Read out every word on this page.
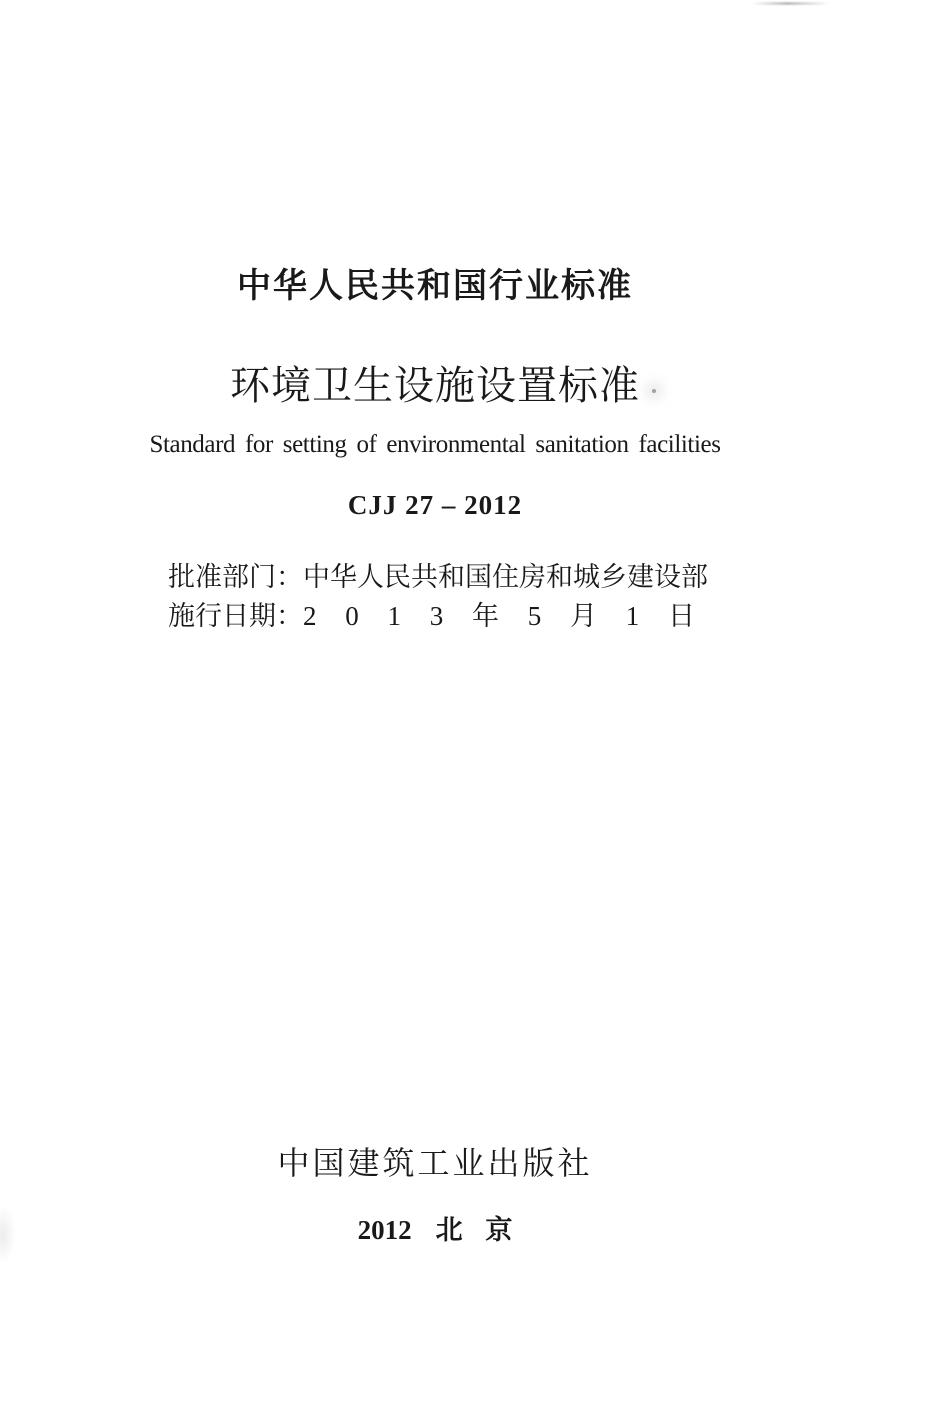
中华人民共和国行业标准
环境卫生设施设置标准
Standard for setting of environmental sanitation facilities
CJJ 27 – 2012
批准部门：中华人民共和国住房和城乡建设部
施行日期：2 0 1 3 年 5 月 1 日
中国建筑工业出版社
2012 北 京
